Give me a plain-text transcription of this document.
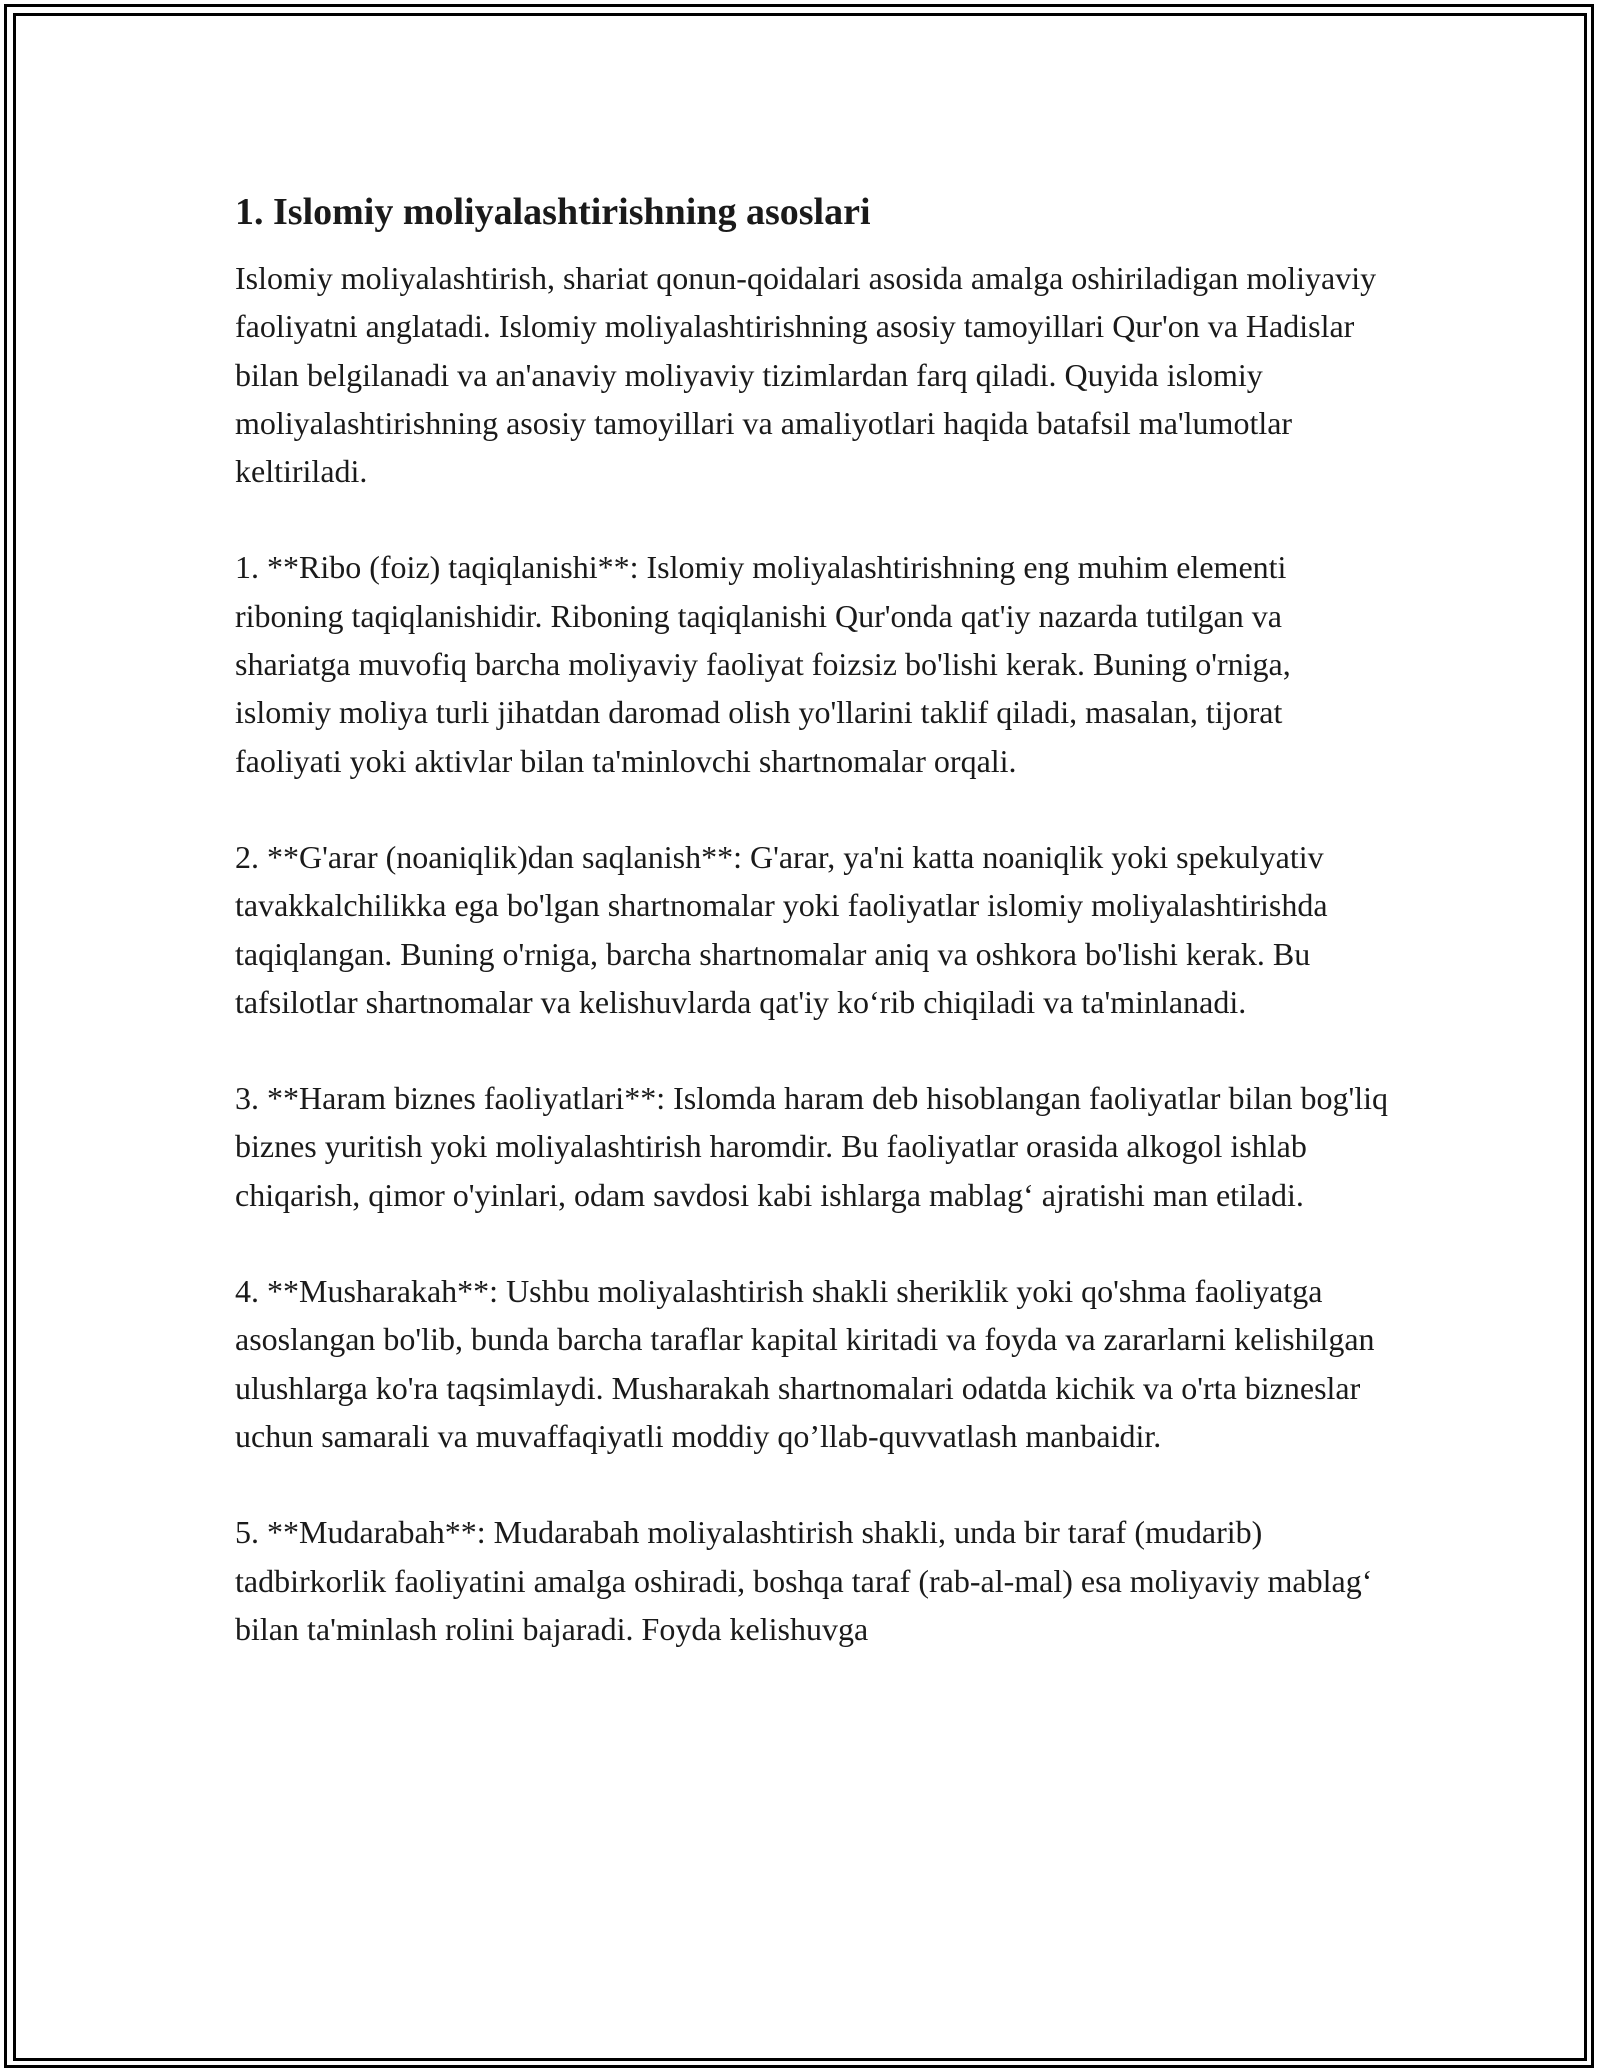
1. Islomiy moliyalashtirishning asoslari

Islomiy moliyalashtirish, shariat qonun-qoidalari asosida amalga oshiriladigan moliyaviy faoliyatni anglatadi. Islomiy moliyalashtirishning asosiy tamoyillari Qur'on va Hadislar bilan belgilanadi va an'anaviy moliyaviy tizimlardan farq qiladi. Quyida islomiy moliyalashtirishning asosiy tamoyillari va amaliyotlari haqida batafsil ma'lumotlar keltiriladi.

1. **Ribo (foiz) taqiqlanishi**: Islomiy moliyalashtirishning eng muhim elementi riboning taqiqlanishidir. Riboning taqiqlanishi Qur'onda qat'iy nazarda tutilgan va shariatga muvofiq barcha moliyaviy faoliyat foizsiz bo'lishi kerak. Buning o'rniga, islomiy moliya turli jihatdan daromad olish yo'llarini taklif qiladi, masalan, tijorat faoliyati yoki aktivlar bilan ta'minlovchi shartnomalar orqali.

2. **G'arar (noaniqlik)dan saqlanish**: G'arar, ya'ni katta noaniqlik yoki spekulyativ tavakkalchilikka ega bo'lgan shartnomalar yoki faoliyatlar islomiy moliyalashtirishda taqiqlangan. Buning o'rniga, barcha shartnomalar aniq va oshkora bo'lishi kerak. Bu tafsilotlar shartnomalar va kelishuvlarda qat'iy ko‘rib chiqiladi va ta'minlanadi.

3. **Haram biznes faoliyatlari**: Islomda haram deb hisoblangan faoliyatlar bilan bog'liq biznes yuritish yoki moliyalashtirish haromdir. Bu faoliyatlar orasida alkogol ishlab chiqarish, qimor o'yinlari, odam savdosi kabi ishlarga mablag‘ ajratishi man etiladi.

4. **Musharakah**: Ushbu moliyalashtirish shakli sheriklik yoki qo'shma faoliyatga asoslangan bo'lib, bunda barcha taraflar kapital kiritadi va foyda va zararlarni kelishilgan ulushlarga ko'ra taqsimlaydi. Musharakah shartnomalari odatda kichik va o'rta bizneslar uchun samarali va muvaffaqiyatli moddiy qo’llab-quvvatlash manbaidir.

5. **Mudarabah**: Mudarabah moliyalashtirish shakli, unda bir taraf (mudarib) tadbirkorlik faoliyatini amalga oshiradi, boshqa taraf (rab-al-mal) esa moliyaviy mablag‘ bilan ta'minlash rolini bajaradi. Foyda kelishuvga
